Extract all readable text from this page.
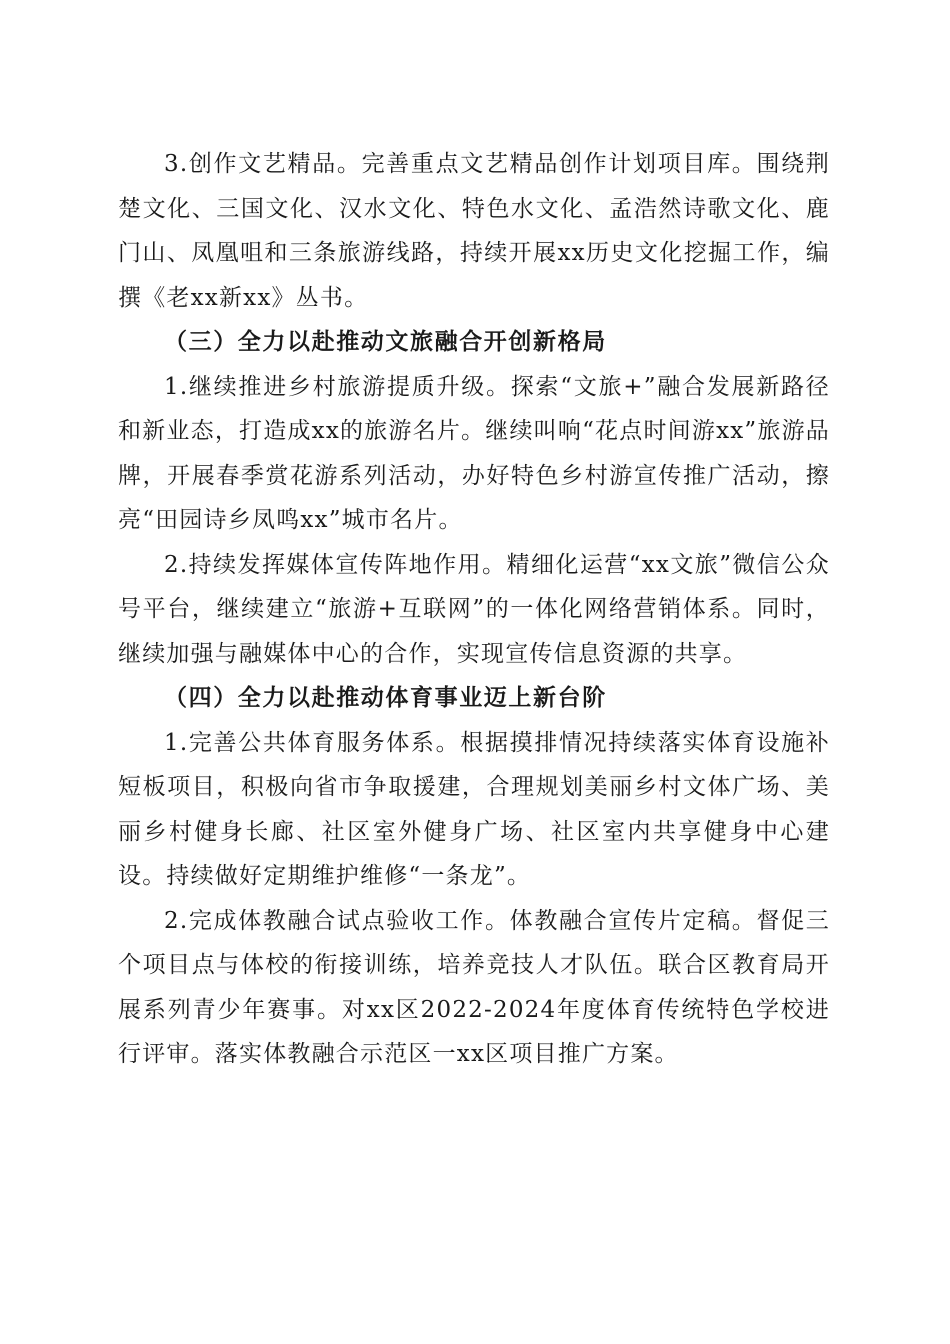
3.创作文艺精品。完善重点文艺精品创作计划项目库。围绕荆楚文化、三国文化、汉水文化、特色水文化、孟浩然诗歌文化、鹿门山、凤凰咀和三条旅游线路，持续开展xx历史文化挖掘工作，编撰《老xx新xx》丛书。

（三）全力以赴推动文旅融合开创新格局

1.继续推进乡村旅游提质升级。探索“文旅+”融合发展新路径和新业态，打造成xx的旅游名片。继续叫响“花点时间游xx”旅游品牌，开展春季赏花游系列活动，办好特色乡村游宣传推广活动，擦亮“田园诗乡凤鸣xx”城市名片。

2.持续发挥媒体宣传阵地作用。精细化运营“xx文旅”微信公众号平台，继续建立“旅游+互联网”的一体化网络营销体系。同时，继续加强与融媒体中心的合作，实现宣传信息资源的共享。

（四）全力以赴推动体育事业迈上新台阶

1.完善公共体育服务体系。根据摸排情况持续落实体育设施补短板项目，积极向省市争取援建，合理规划美丽乡村文体广场、美丽乡村健身长廊、社区室外健身广场、社区室内共享健身中心建设。持续做好定期维护维修“一条龙”。

2.完成体教融合试点验收工作。体教融合宣传片定稿。督促三个项目点与体校的衔接训练，培养竞技人才队伍。联合区教育局开展系列青少年赛事。对xx区2022-2024年度体育传统特色学校进行评审。落实体教融合示范区一xx区项目推广方案。
